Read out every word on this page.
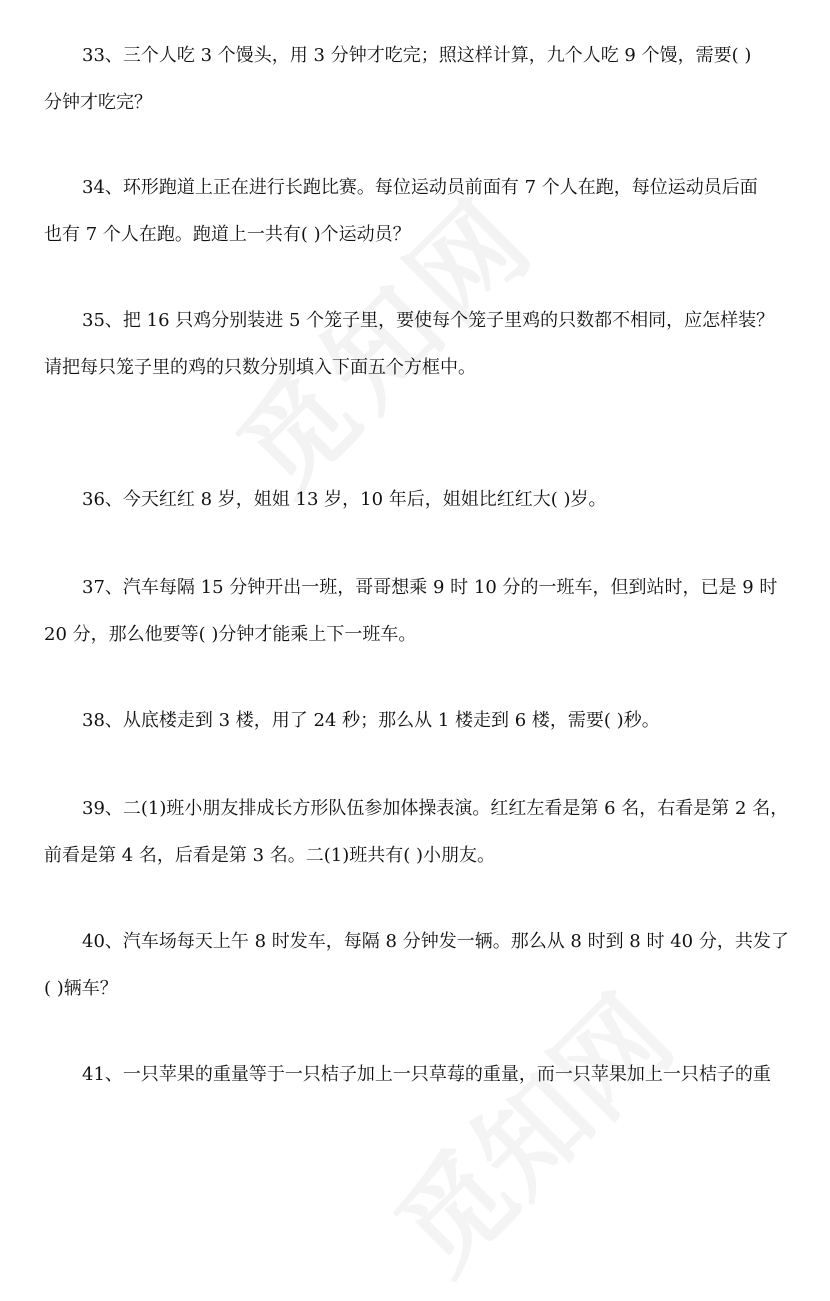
33、三个人吃 3 个馒头，用 3 分钟才吃完；照这样计算，九个人吃 9 个馒，需要( )
分钟才吃完？
34、环形跑道上正在进行长跑比赛。每位运动员前面有 7 个人在跑，每位运动员后面
也有 7 个人在跑。跑道上一共有( )个运动员？
35、把 16 只鸡分别装进 5 个笼子里，要使每个笼子里鸡的只数都不相同，应怎样装？
请把每只笼子里的鸡的只数分别填入下面五个方框中。
36、今天红红 8 岁，姐姐 13 岁，10 年后，姐姐比红红大( )岁。
37、汽车每隔 15 分钟开出一班，哥哥想乘 9 时 10 分的一班车，但到站时，已是 9 时
20 分，那么他要等( )分钟才能乘上下一班车。
38、从底楼走到 3 楼，用了 24 秒；那么从 1 楼走到 6 楼，需要( )秒。
39、二(1)班小朋友排成长方形队伍参加体操表演。红红左看是第 6 名，右看是第 2 名，
前看是第 4 名，后看是第 3 名。二(1)班共有( )小朋友。
40、汽车场每天上午 8 时发车，每隔 8 分钟发一辆。那么从 8 时到 8 时 40 分，共发了
( )辆车？
41、一只苹果的重量等于一只桔子加上一只草莓的重量，而一只苹果加上一只桔子的重
